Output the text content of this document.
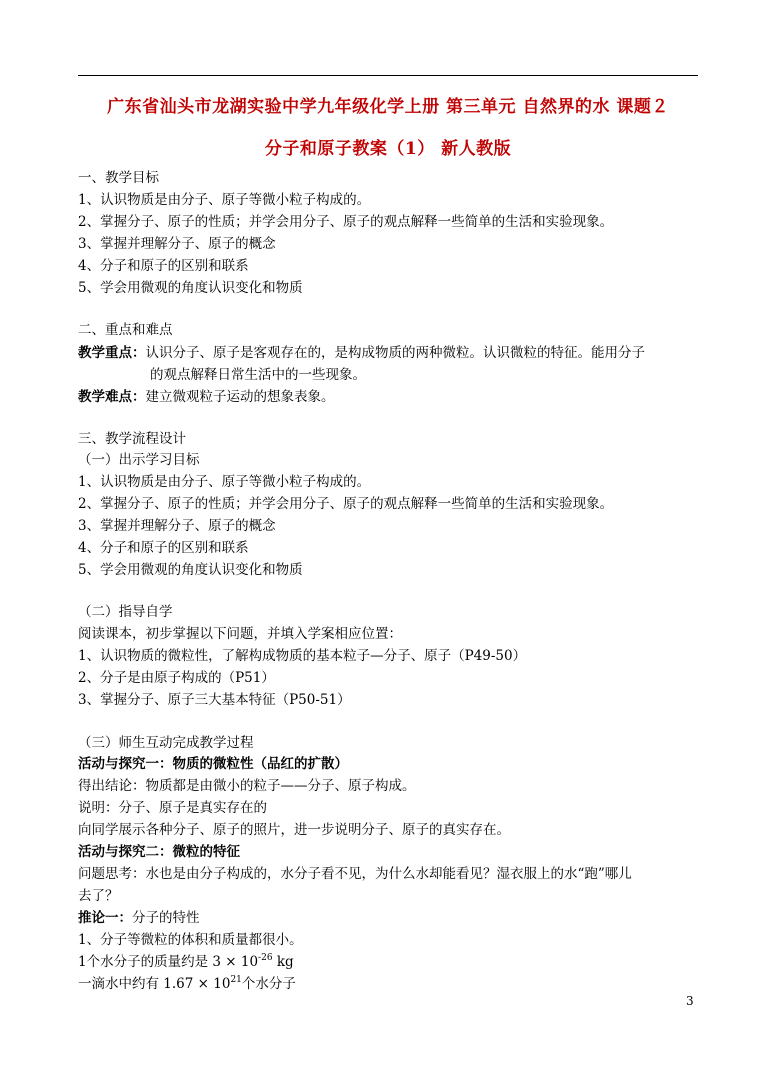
广东省汕头市龙湖实验中学九年级化学上册 第三单元 自然界的水 课题２
分子和原子教案（1） 新人教版
一、教学目标
1、认识物质是由分子、原子等微小粒子构成的。
2、掌握分子、原子的性质；并学会用分子、原子的观点解释一些简单的生活和实验现象。
3、掌握并理解分子、原子的概念
4、分子和原子的区别和联系
5、学会用微观的角度认识变化和物质
二、重点和难点
教学重点：认识分子、原子是客观存在的，是构成物质的两种微粒。认识微粒的特征。能用分子
的观点解释日常生活中的一些现象。
教学难点：建立微观粒子运动的想象表象。
三、教学流程设计
（一）出示学习目标
1、认识物质是由分子、原子等微小粒子构成的。
2、掌握分子、原子的性质；并学会用分子、原子的观点解释一些简单的生活和实验现象。
3、掌握并理解分子、原子的概念
4、分子和原子的区别和联系
5、学会用微观的角度认识变化和物质
（二）指导自学
阅读课本，初步掌握以下问题，并填入学案相应位置：
1、认识物质的微粒性，了解构成物质的基本粒子—分子、原子（P49-50）
2、分子是由原子构成的（P51）
3、掌握分子、原子三大基本特征（P50-51）
（三）师生互动完成教学过程
活动与探究一：物质的微粒性（品红的扩散）
得出结论：物质都是由微小的粒子——分子、原子构成。
说明：分子、原子是真实存在的
向同学展示各种分子、原子的照片，进一步说明分子、原子的真实存在。
活动与探究二：微粒的特征
问题思考：水也是由分子构成的，水分子看不见，为什么水却能看见？湿衣服上的水“跑”哪儿
去了？
推论一：分子的特性
1、分子等微粒的体积和质量都很小。
1个水分子的质量约是 $3 \times 10^{-26}$ kg
一滴水中约有 $1.67 \times 10^{21}$个水分子
3
